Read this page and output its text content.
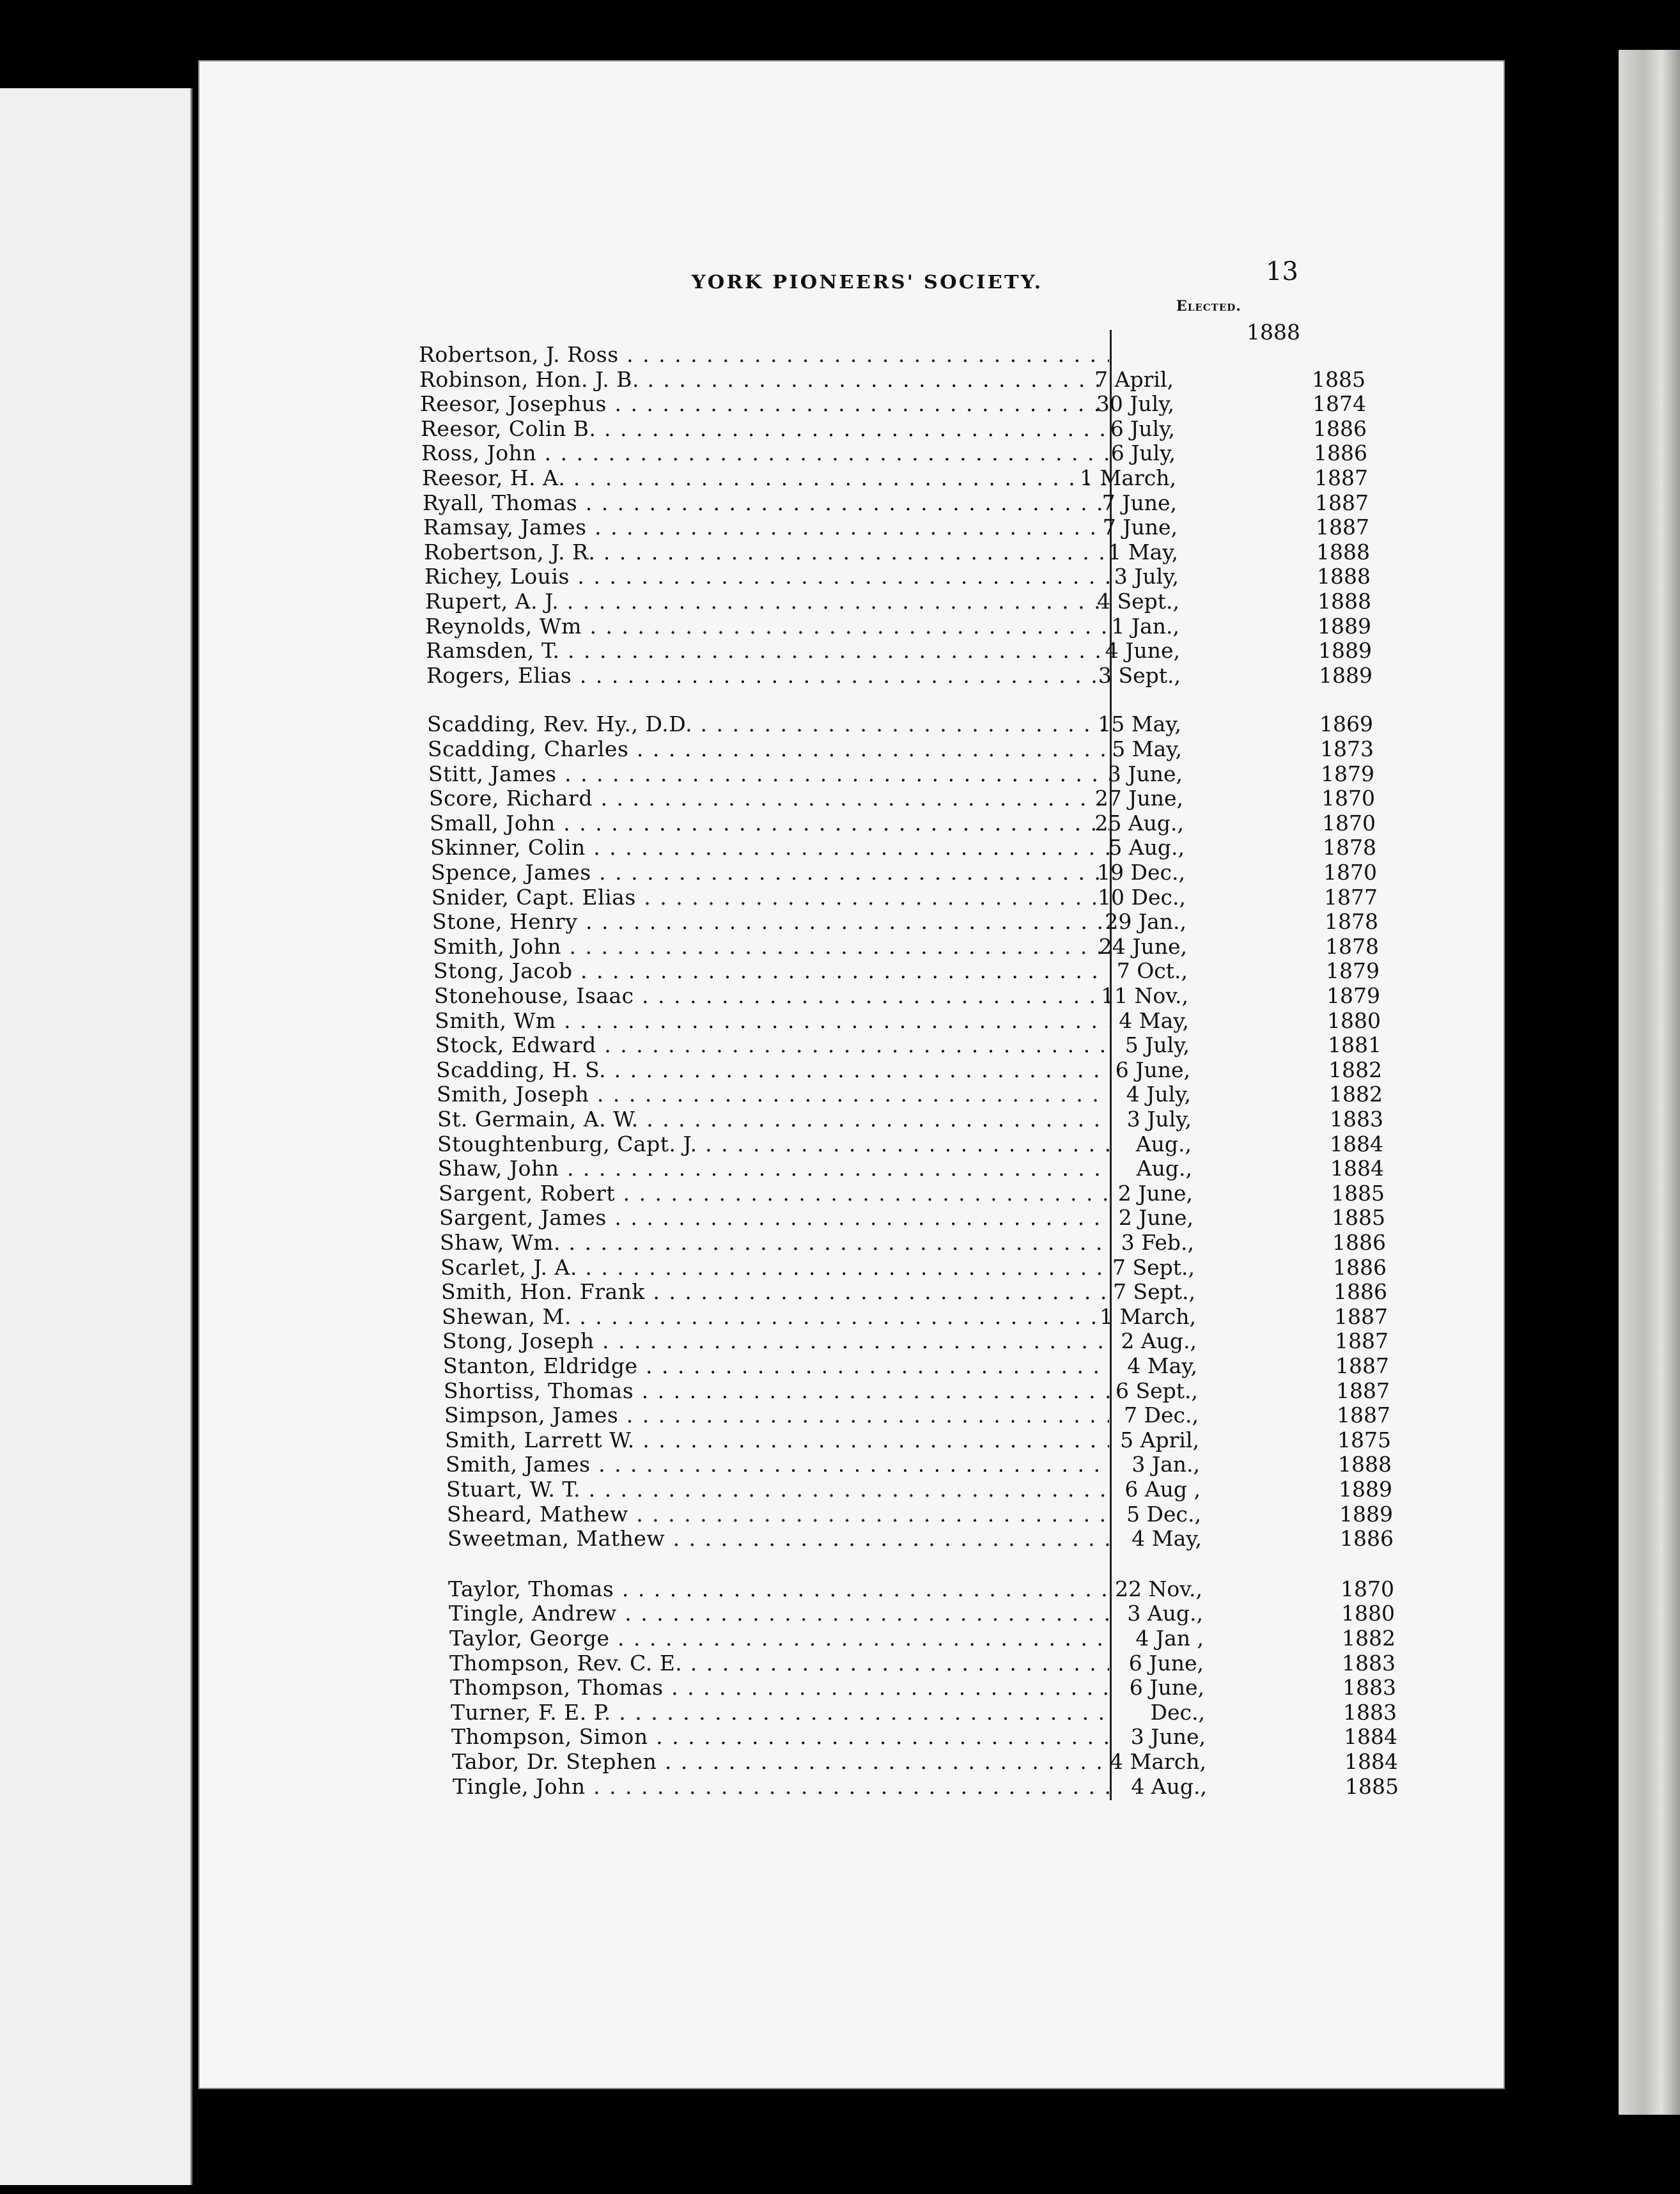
YORK PIONEERS' SOCIETY.	13
Elected.
1888
Robertson, J. Ross . . .
Robinson, Hon. J. B. . . .	7 April,	1885
Reesor, Josephus . . .	30 July,	1874
Reesor, Colin B. . . .	6 July,	1886
Ross, John . . .	6 July,	1886
Reesor, H. A. . . .	1 March,	1887
Ryall, Thomas . . .	7 June,	1887
Ramsay, James . . .	7 June,	1887
Robertson, J. R. . . .	1 May,	1888
Richey, Louis . . .	3 July,	1888
Rupert, A. J. . . .	4 Sept.,	1888
Reynolds, Wm . . .	1 Jan.,	1889
Ramsden, T. . . .	4 June,	1889
Rogers, Elias . . .	3 Sept.,	1889
Scadding, Rev. Hy., D.D. . . .	15 May,	1869
Scadding, Charles . . .	5 May,	1873
Stitt, James . . .	3 June,	1879
Score, Richard . . .	27 June,	1870
Small, John . . .	25 Aug.,	1870
Skinner, Colin . . .	5 Aug.,	1878
Spence, James . . .	19 Dec.,	1870
Snider, Capt. Elias . . .	10 Dec.,	1877
Stone, Henry . . .	29 Jan.,	1878
Smith, John . . .	24 June,	1878
Stong, Jacob . . .	7 Oct.,	1879
Stonehouse, Isaac . . .	11 Nov.,	1879
Smith, Wm . . .	4 May,	1880
Stock, Edward . . .	5 July,	1881
Scadding, H. S. . . .	6 June,	1882
Smith, Joseph . . .	4 July,	1882
St. Germain, A. W. . . .	3 July,	1883
Stoughtenburg, Capt. J. . . .	Aug.,	1884
Shaw, John . . .	Aug.,	1884
Sargent, Robert . . .	2 June,	1885
Sargent, James . . .	2 June,	1885
Shaw, Wm. . . .	3 Feb.,	1886
Scarlet, J. A. . . .	7 Sept.,	1886
Smith, Hon. Frank . . .	7 Sept.,	1886
Shewan, M. . . .	1 March,	1887
Stong, Joseph . . .	2 Aug.,	1887
Stanton, Eldridge . . .	4 May,	1887
Shortiss, Thomas . . .	6 Sept.,	1887
Simpson, James . . .	7 Dec.,	1887
Smith, Larrett W. . . .	5 April,	1875
Smith, James . . .	3 Jan.,	1888
Stuart, W. T. . . .	6 Aug ,	1889
Sheard, Mathew . . .	5 Dec.,	1889
Sweetman, Mathew . . .	4 May,	1886
Taylor, Thomas . . .	22 Nov.,	1870
Tingle, Andrew . . .	3 Aug.,	1880
Taylor, George . . .	4 Jan ,	1882
Thompson, Rev. C. E. . . .	6 June,	1883
Thompson, Thomas . . .	6 June,	1883
Turner, F. E. P. . . .	Dec.,	1883
Thompson, Simon . . .	3 June,	1884
Tabor, Dr. Stephen . . .	4 March,	1884
Tingle, John . . .	4 Aug.,	1885
